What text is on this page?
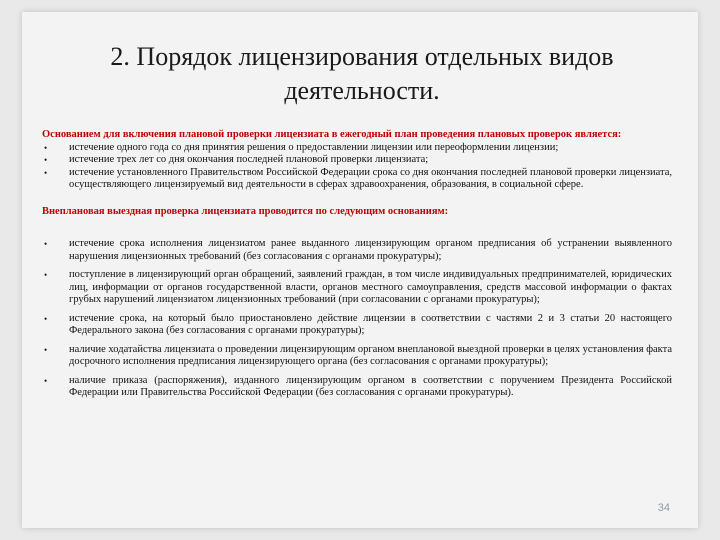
2. Порядок лицензирования отдельных видов деятельности.
Основанием для включения плановой проверки лицензиата в ежегодный план проведения плановых проверок является:
• истечение одного года со дня принятия решения о предоставлении лицензии или переоформлении лицензии;
• истечение трех лет со дня окончания последней плановой проверки лицензиата;
• истечение установленного Правительством Российской Федерации срока со дня окончания последней плановой проверки лицензиата, осуществляющего лицензируемый вид деятельности в сферах здравоохранения, образования, в социальной сфере.
Внеплановая выездная проверка лицензиата проводится по следующим основаниям:
• истечение срока исполнения лицензиатом ранее выданного лицензирующим органом предписания об устранении выявленного нарушения лицензионных требований (без согласования с органами прокуратуры);
• поступление в лицензирующий орган обращений, заявлений граждан, в том числе индивидуальных предпринимателей, юридических лиц, информации от органов государственной власти, органов местного самоуправления, средств массовой информации о фактах грубых нарушений лицензиатом лицензионных требований (при согласовании с органами прокуратуры);
• истечение срока, на который было приостановлено действие лицензии в соответствии с частями 2 и 3 статьи 20 настоящего Федерального закона (без согласования с органами прокуратуры);
• наличие ходатайства лицензиата о проведении лицензирующим органом внеплановой выездной проверки в целях установления факта досрочного исполнения предписания лицензирующего органа (без согласования с органами прокуратуры);
• наличие приказа (распоряжения), изданного лицензирующим органом в соответствии с поручением Президента Российской Федерации или Правительства Российской Федерации (без согласования с органами прокуратуры).
34
